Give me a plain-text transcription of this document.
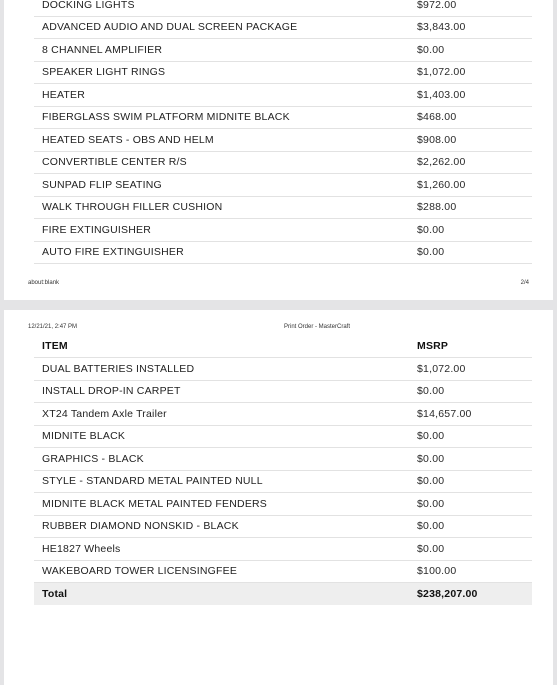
DOCKING LIGHTS	$972.00
ADVANCED AUDIO AND DUAL SCREEN PACKAGE	$3,843.00
8 CHANNEL AMPLIFIER	$0.00
SPEAKER LIGHT RINGS	$1,072.00
HEATER	$1,403.00
FIBERGLASS SWIM PLATFORM MIDNITE BLACK	$468.00
HEATED SEATS - OBS AND HELM	$908.00
CONVERTIBLE CENTER R/S	$2,262.00
SUNPAD FLIP SEATING	$1,260.00
WALK THROUGH FILLER CUSHION	$288.00
FIRE EXTINGUISHER	$0.00
AUTO FIRE EXTINGUISHER	$0.00
about:blank	2/4
12/21/21, 2:47 PM	Print Order - MasterCraft
ITEM	MSRP
DUAL BATTERIES INSTALLED	$1,072.00
INSTALL DROP-IN CARPET	$0.00
XT24 Tandem Axle Trailer	$14,657.00
MIDNITE BLACK	$0.00
GRAPHICS - BLACK	$0.00
STYLE - STANDARD METAL PAINTED NULL	$0.00
MIDNITE BLACK METAL PAINTED FENDERS	$0.00
RUBBER DIAMOND NONSKID - BLACK	$0.00
HE1827 Wheels	$0.00
WAKEBOARD TOWER LICENSINGFEE	$100.00
Total	$238,207.00
